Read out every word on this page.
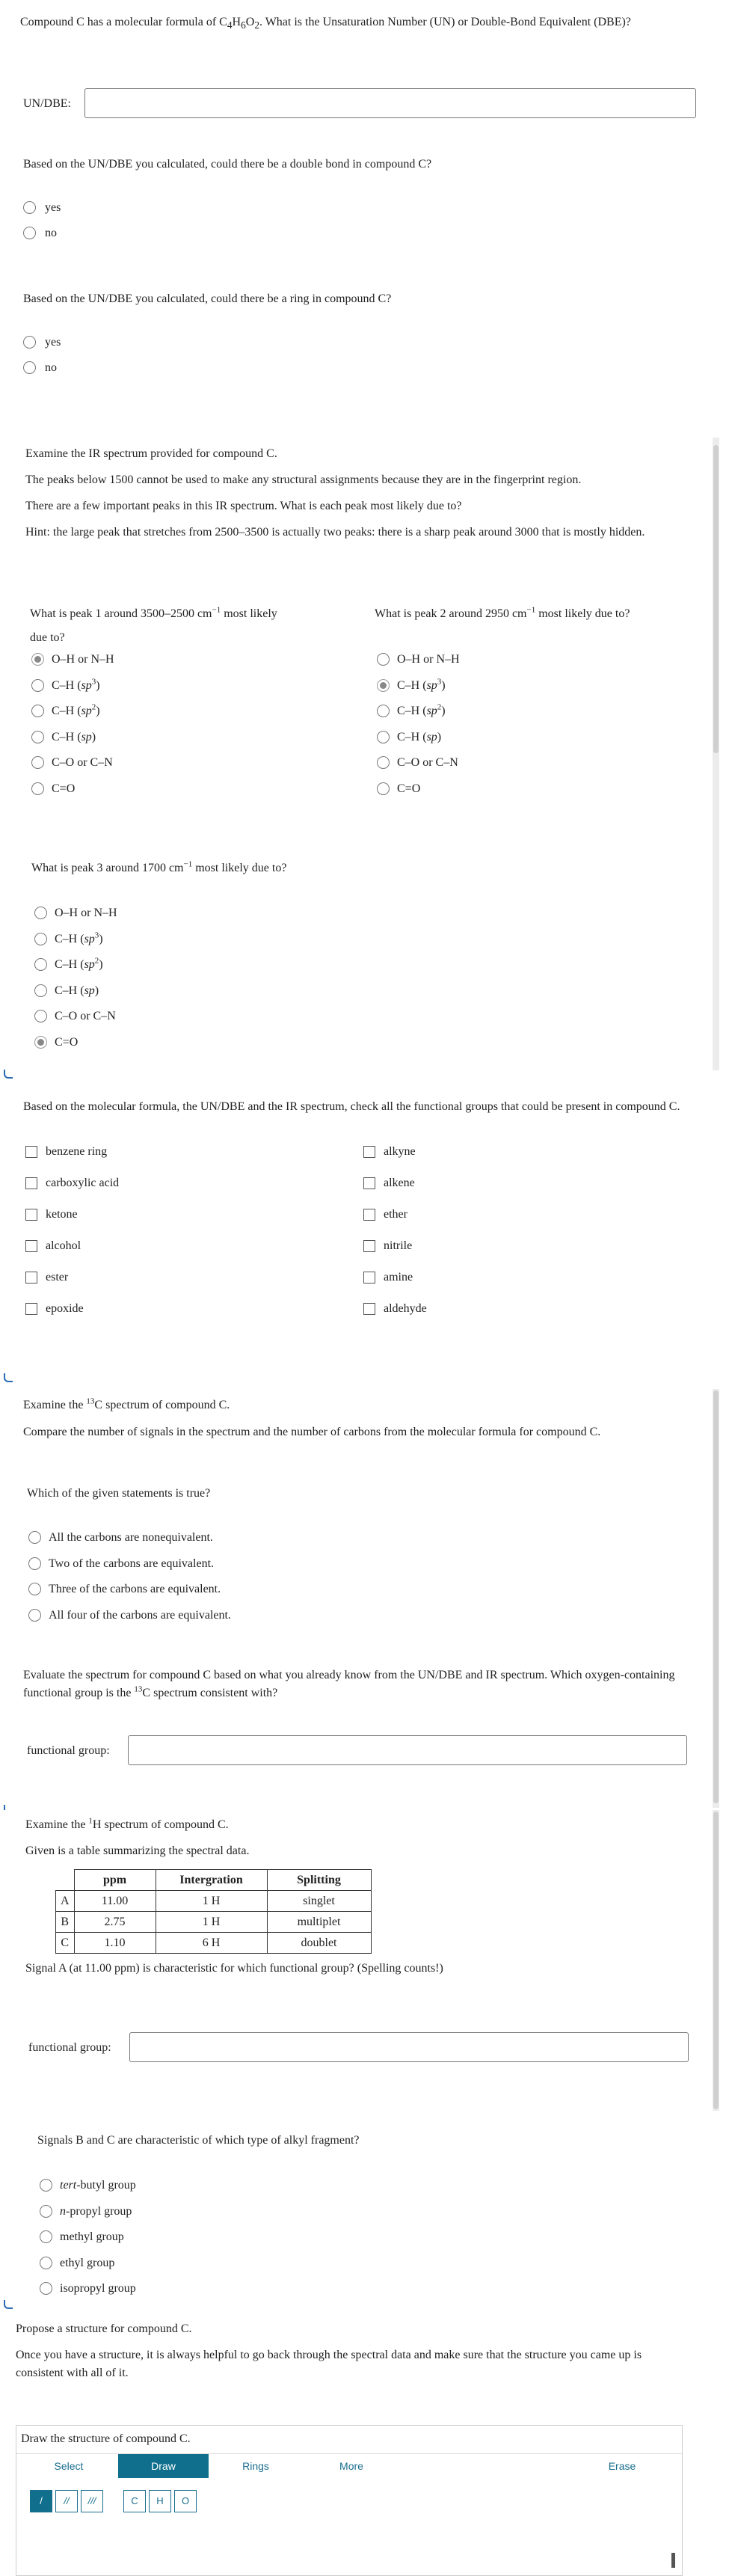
Compound C has a molecular formula of $C_4H_6O_2$. What is the Unsaturation Number (UN) or Double-Bond Equivalent (DBE)?
UN/DBE:
Based on the UN/DBE you calculated, could there be a double bond in compound C?
yes
no
Based on the UN/DBE you calculated, could there be a ring in compound C?
yes
no
Examine the IR spectrum provided for compound C.
The peaks below 1500 cannot be used to make any structural assignments because they are in the fingerprint region.
There are a few important peaks in this IR spectrum. What is each peak most likely due to?
Hint: the large peak that stretches from 2500–3500 is actually two peaks: there is a sharp peak around 3000 that is mostly hidden.
What is peak 1 around 3500–2500 $cm^{-1}$ most likely
due to?
What is peak 2 around 2950 $cm^{-1}$ most likely due to?
O–H or N–H
C–H $(sp^3)$
C–H $(sp^2)$
C–H (sp)
C–O or C–N
C=O
O–H or N–H
C–H $(sp^3)$
C–H $(sp^2)$
C–H (sp)
C–O or C–N
C=O
What is peak 3 around 1700 $cm^{-1}$ most likely due to?
O–H or N–H
C–H $(sp^3)$
C–H $(sp^2)$
C–H (sp)
C–O or C–N
C=O
Based on the molecular formula, the UN/DBE and the IR spectrum, check all the functional groups that could be present in compound C.
benzene ring
carboxylic acid
ketone
alcohol
ester
epoxide
alkyne
alkene
ether
nitrile
amine
aldehyde
Examine the $^{13}$C spectrum of compound C.
Compare the number of signals in the spectrum and the number of carbons from the molecular formula for compound C.
Which of the given statements is true?
All the carbons are nonequivalent.
Two of the carbons are equivalent.
Three of the carbons are equivalent.
All four of the carbons are equivalent.
Evaluate the spectrum for compound C based on what you already know from the UN/DBE and IR spectrum. Which oxygen-containing functional group is the $^{13}$C spectrum consistent with?
functional group:
Examine the $^1$H spectrum of compound C.
Given is a table summarizing the spectral data.
	ppm	Intergration	Splitting
A	11.00	1 H	singlet
B	2.75	1 H	multiplet
C	1.10	6 H	doublet
Signal A (at 11.00 ppm) is characteristic for which functional group? (Spelling counts!)
functional group:
Signals B and C are characteristic of which type of alkyl fragment?
tert-butyl group
n-propyl group
methyl group
ethyl group
isopropyl group
Propose a structure for compound C.
Once you have a structure, it is always helpful to go back through the spectral data and make sure that the structure you came up is consistent with all of it.
Draw the structure of compound C.
Select	Draw	Rings	More	Erase
/	//	///	C	H	O
